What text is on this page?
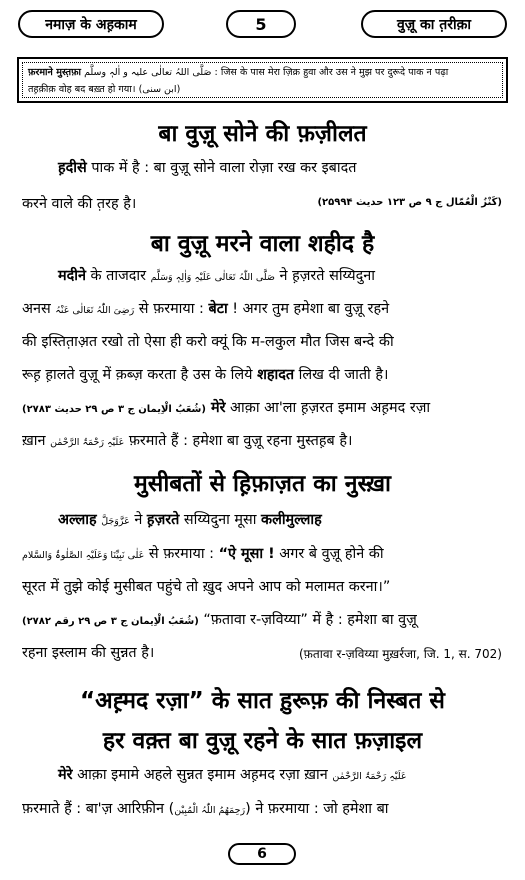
नमाज़ के अह़काम	5	वुज़ू का त़रीक़ा
फ़रमाने मुस्त़फ़ा صَلَّی اللہُ تعالٰی علیہ و اٰلہٖ وسلَّم : जिस के पास मेरा ज़िक्र हुवा और उस ने मुझ पर दुरूदे पाक न पढ़ा
तह़क़ीक़ वोह बद बख़्त हो गया। (ابن سنی)
बा वुज़ू सोने की फ़ज़ीलत
ह़दीसे पाक में है : बा वुज़ू सोने वाला रोज़ा रख कर इबादत
करने वाले की त़रह है।	(کَنْزُ الْعُمّال ج ۹ ص ۱۲۳ حدیث ۲۵۹۹۴)
बा वुज़ू मरने वाला शहीद है
मदीने के ताजदार صَلَّی اللّٰہُ تَعَالٰی عَلَیْہِ وَاٰلِہٖ وَسَلَّم ने ह़ज़रते सय्यिदुना
अनस رَضِیَ اللّٰہُ تَعَالٰی عَنْہُ से फ़रमाया : बेटा ! अगर तुम हमेशा बा वुज़ू रहने
की इस्तित़ाअ़त रखो तो ऐसा ही करो क्यूं कि म-लकुल मौत जिस बन्दे की
रूह़ ह़ालते वुज़ू में क़ब्ज़ करता है उस के लिये शहादत लिख दी जाती है।
(شُعَبُ الْاِیمان ج ۳ ص ۲۹ حدیث ۲۷۸۳) मेरे आक़ा आ'ला ह़ज़रत इमाम अह़मद रज़ा
ख़ान عَلَیْہِ رَحْمَۃُ الرَّحْمٰن फ़रमाते हैं : हमेशा बा वुज़ू रहना मुस्तह़ब है।
मुसीबतों से ह़िफ़ाज़त का नुस्ख़ा
अल्लाह عَزَّوَجَلَّ ने ह़ज़रते सय्यिदुना मूसा कलीमुल्लाह
عَلٰی نَبِیِّنَا وَعَلَیْہِ الصَّلٰوۃُ وَالسَّلام से फ़रमाया : “ऐ मूसा ! अगर बे वुज़ू होने की
सूरत में तुझे कोई मुसीबत पहुंचे तो ख़ुद अपने आप को मलामत करना।”
(شُعَبُ الْاِیمان ج ۳ ص ۲۹ رقم ۲۷۸۲) “फ़तावा र-ज़विय्या” में है : हमेशा बा वुज़ू
रहना इस्लाम की सुन्नत है।	(फ़तावा र-ज़विय्या मुख़र्रजा, जि. 1, स. 702)
“अह़्मद रज़ा” के सात ह़ुरूफ़ की निस्बत से
हर वक़्त बा वुज़ू रहने के सात फ़ज़ाइल
मेरे आक़ा इमामे अहले सुन्नत इमाम अह़मद रज़ा ख़ान عَلَیْہِ رَحْمَۃُ الرَّحْمٰن
फ़रमाते हैं : बा'ज़ आरिफ़ीन (رَحِمَھُمُ اللّٰہُ الْمُبِیْن) ने फ़रमाया : जो हमेशा बा
6
